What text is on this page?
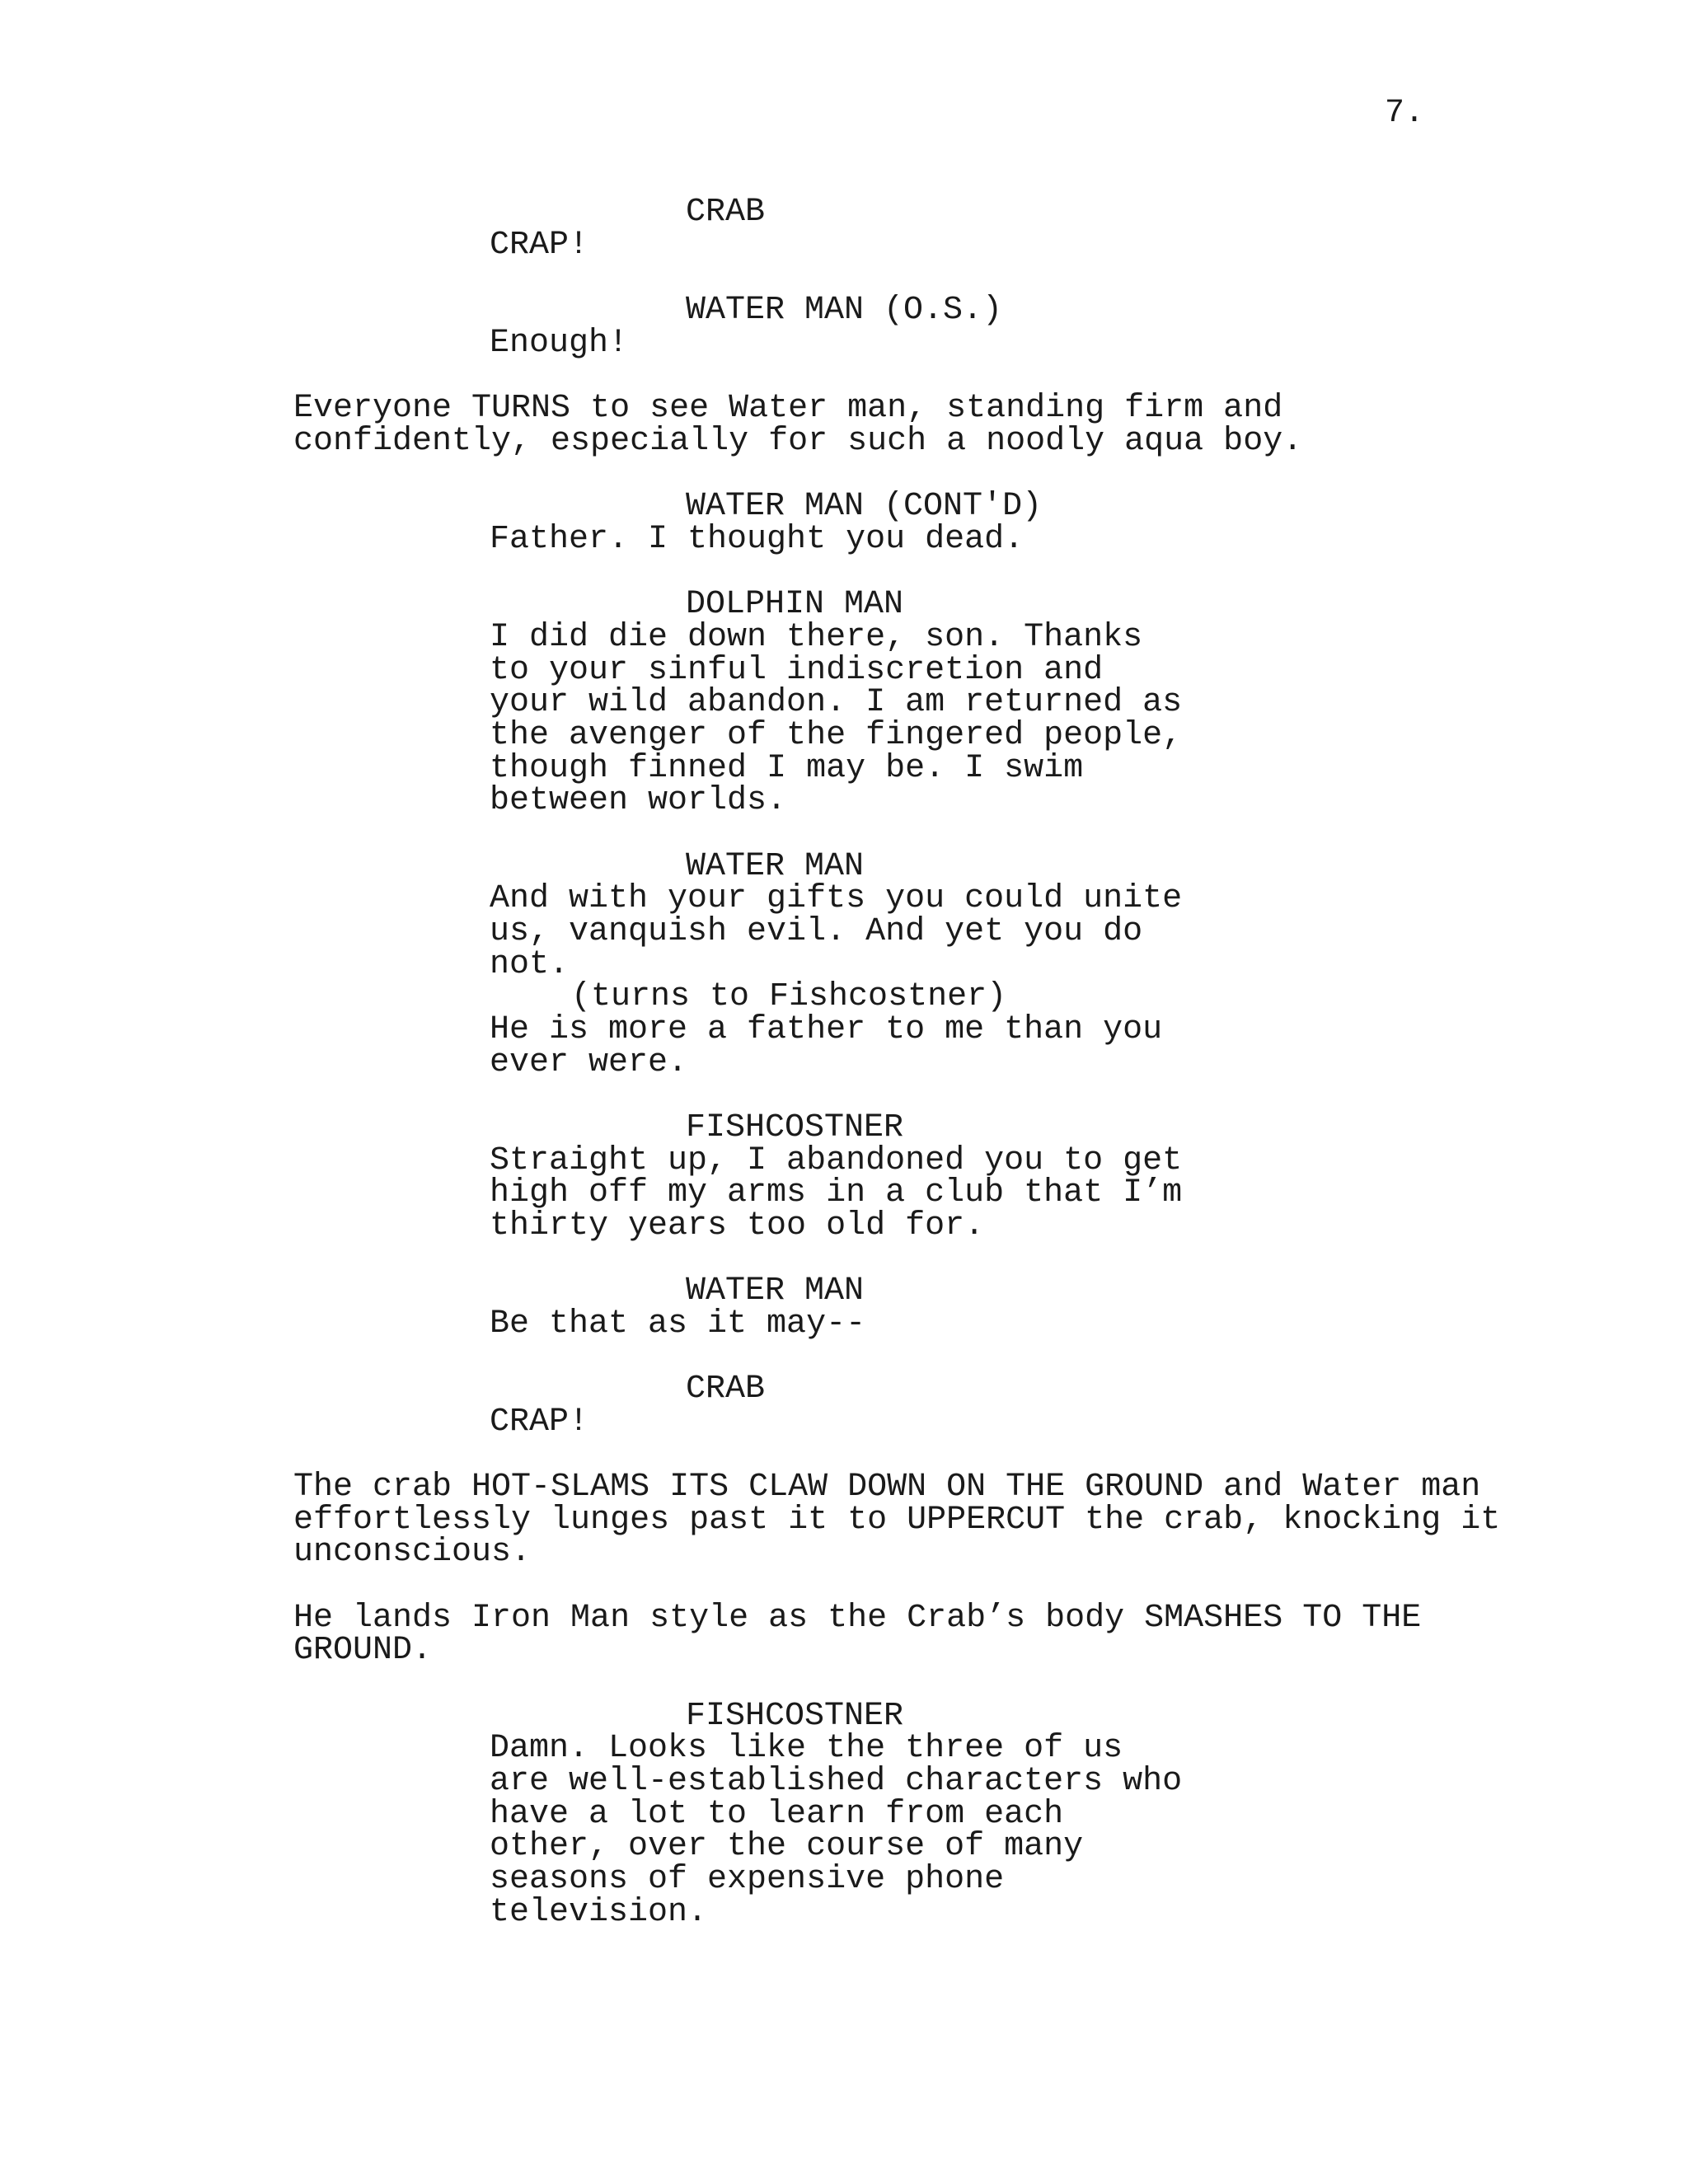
7.
CRAB
CRAP!
WATER MAN (O.S.)
Enough!
Everyone TURNS to see Water man, standing firm and
confidently, especially for such a noodly aqua boy.
WATER MAN (CONT'D)
Father. I thought you dead.
DOLPHIN MAN
I did die down there, son. Thanks
to your sinful indiscretion and
your wild abandon. I am returned as
the avenger of the fingered people,
though finned I may be. I swim
between worlds.
WATER MAN
And with your gifts you could unite
us, vanquish evil. And yet you do
not.
(turns to Fishcostner)
He is more a father to me than you
ever were.
FISHCOSTNER
Straight up, I abandoned you to get
high off my arms in a club that I’m
thirty years too old for.
WATER MAN
Be that as it may--
CRAB
CRAP!
The crab HOT-SLAMS ITS CLAW DOWN ON THE GROUND and Water man
effortlessly lunges past it to UPPERCUT the crab, knocking it
unconscious.
He lands Iron Man style as the Crab’s body SMASHES TO THE
GROUND.
FISHCOSTNER
Damn. Looks like the three of us
are well-established characters who
have a lot to learn from each
other, over the course of many
seasons of expensive phone
television.
